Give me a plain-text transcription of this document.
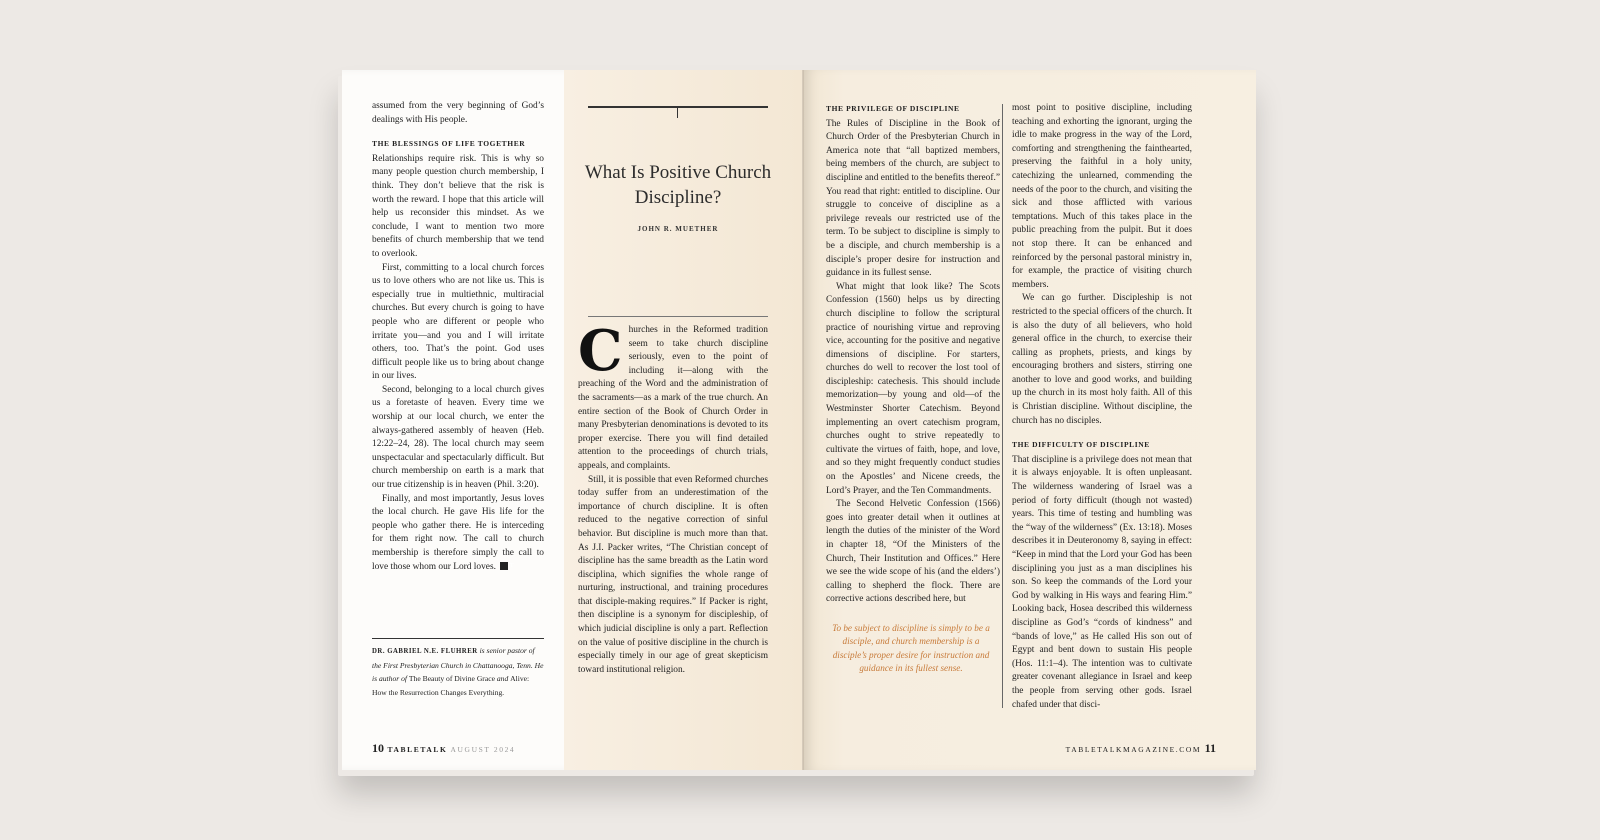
assumed from the very beginning of God’s dealings with His people.

THE BLESSINGS OF LIFE TOGETHER

Relationships require risk. This is why so many people question church membership, I think. They don’t believe that the risk is worth the reward. I hope that this article will help us reconsider this mindset. As we conclude, I want to mention two more benefits of church membership that we tend to overlook.

First, committing to a local church forces us to love others who are not like us. This is especially true in multiethnic, multiracial churches. But every church is going to have people who are different or people who irritate you—and you and I will irritate others, too. That’s the point. God uses difficult people like us to bring about change in our lives.

Second, belonging to a local church gives us a foretaste of heaven. Every time we worship at our local church, we enter the always-gathered assembly of heaven (Heb. 12:22–24, 28). The local church may seem unspectacular and spectacularly difficult. But church membership on earth is a mark that our true citizenship is in heaven (Phil. 3:20).

Finally, and most importantly, Jesus loves the local church. He gave His life for the people who gather there. He is interceding for them right now. The call to church membership is therefore simply the call to love those whom our Lord loves. T

DR. GABRIEL N.E. FLUHRER is senior pastor of the First Presbyterian Church in Chattanooga, Tenn. He is author of The Beauty of Divine Grace and Alive: How the Resurrection Changes Everything.
10 TABLETALK AUGUST 2024
What Is Positive Church Discipline?
JOHN R. MUETHER

Churches in the Reformed tradition seem to take church discipline seriously, even to the point of including it—along with the preaching of the Word and the administration of the sacraments—as a mark of the true church. An entire section of the Book of Church Order in many Presbyterian denominations is devoted to its proper exercise. There you will find detailed attention to the proceedings of church trials, appeals, and complaints.

Still, it is possible that even Reformed churches today suffer from an underestimation of the importance of church discipline. It is often reduced to the negative correction of sinful behavior. But discipline is much more than that. As J.I. Packer writes, “The Christian concept of discipline has the same breadth as the Latin word disciplina, which signifies the whole range of nurturing, instructional, and training procedures that disciple-making requires.” If Packer is right, then discipline is a synonym for discipleship, of which judicial discipline is only a part. Reflection on the value of positive discipline in the church is especially timely in our age of great skepticism toward institutional religion.

THE PRIVILEGE OF DISCIPLINE

The Rules of Discipline in the Book of Church Order of the Presbyterian Church in America note that “all baptized members, being members of the church, are subject to discipline and entitled to the benefits thereof.” You read that right: entitled to discipline. Our struggle to conceive of discipline as a privilege reveals our restricted use of the term. To be subject to discipline is simply to be a disciple, and church membership is a disciple’s proper desire for instruction and guidance in its fullest sense.

What might that look like? The Scots Confession (1560) helps us by directing church discipline to follow the scriptural practice of nourishing virtue and reproving vice, accounting for the positive and negative dimensions of discipline. For starters, churches do well to recover the lost tool of discipleship: catechesis. This should include memorization—by young and old—of the Westminster Shorter Catechism. Beyond implementing an overt catechism program, churches ought to strive repeatedly to cultivate the virtues of faith, hope, and love, and so they might frequently conduct studies on the Apostles’ and Nicene creeds, the Lord’s Prayer, and the Ten Commandments.

The Second Helvetic Confession (1566) goes into greater detail when it outlines at length the duties of the minister of the Word in chapter 18, “Of the Ministers of the Church, Their Institution and Offices.” Here we see the wide scope of his (and the elders’) calling to shepherd the flock. There are corrective actions described here, but

To be subject to discipline is simply to be a disciple, and church membership is a disciple’s proper desire for instruction and guidance in its fullest sense.

most point to positive discipline, including teaching and exhorting the ignorant, urging the idle to make progress in the way of the Lord, comforting and strengthening the fainthearted, preserving the faithful in a holy unity, catechizing the unlearned, commending the needs of the poor to the church, and visiting the sick and those afflicted with various temptations. Much of this takes place in the public preaching from the pulpit. But it does not stop there. It can be enhanced and reinforced by the personal pastoral ministry in, for example, the practice of visiting church members.

We can go further. Discipleship is not restricted to the special officers of the church. It is also the duty of all believers, who hold general office in the church, to exercise their calling as prophets, priests, and kings by encouraging brothers and sisters, stirring one another to love and good works, and building up the church in its most holy faith. All of this is Christian discipline. Without discipline, the church has no disciples.

THE DIFFICULTY OF DISCIPLINE

That discipline is a privilege does not mean that it is always enjoyable. It is often unpleasant. The wilderness wandering of Israel was a period of forty difficult (though not wasted) years. This time of testing and humbling was the “way of the wilderness” (Ex. 13:18). Moses describes it in Deuteronomy 8, saying in effect: “Keep in mind that the Lord your God has been disciplining you just as a man disciplines his son. So keep the commands of the Lord your God by walking in His ways and fearing Him.” Looking back, Hosea described this wilderness discipline as God’s “cords of kindness” and “bands of love,” as He called His son out of Egypt and bent down to sustain His people (Hos. 11:1–4). The intention was to cultivate greater covenant allegiance in Israel and keep the people from serving other gods. Israel chafed under that disci-

TABLETALKMAGAZINE.COM 11
